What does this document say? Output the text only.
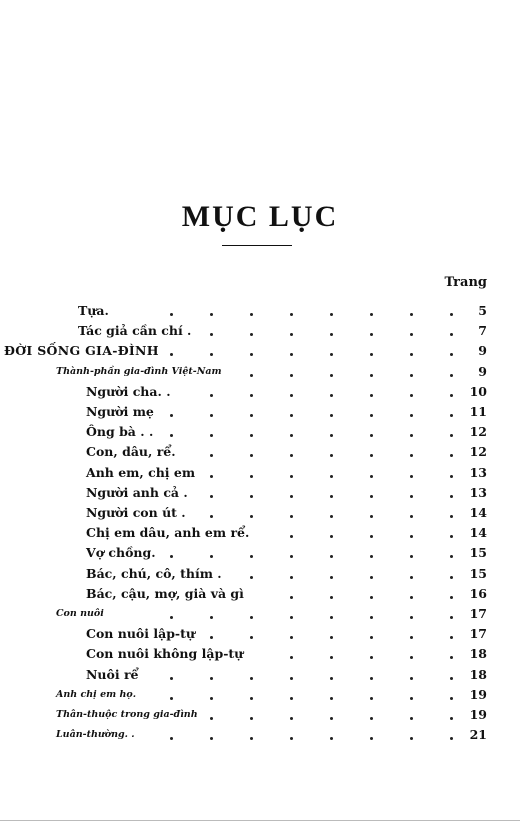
MỤC LỤC
Trang
Tựa.	5
Tác giả cần chí .	7
ĐỜI SỐNG GIA-ĐÌNH	9
Thành-phần gia-đình Việt-Nam	9
Người cha. .	10
Người mẹ	11
Ông bà . .	12
Con, dâu, rể.	12
Anh em, chị em	13
Người anh cả .	13
Người con út .	14
Chị em dâu, anh em rể.	14
Vợ chồng.	15
Bác, chú, cô, thím .	15
Bác, cậu, mợ, già và gì	16
Con nuôi	17
Con nuôi lập-tự	17
Con nuôi không lập-tự	18
Nuôi rể	18
Anh chị em họ.	19
Thân-thuộc trong gia-đình	19
Luân-thường. .	21
